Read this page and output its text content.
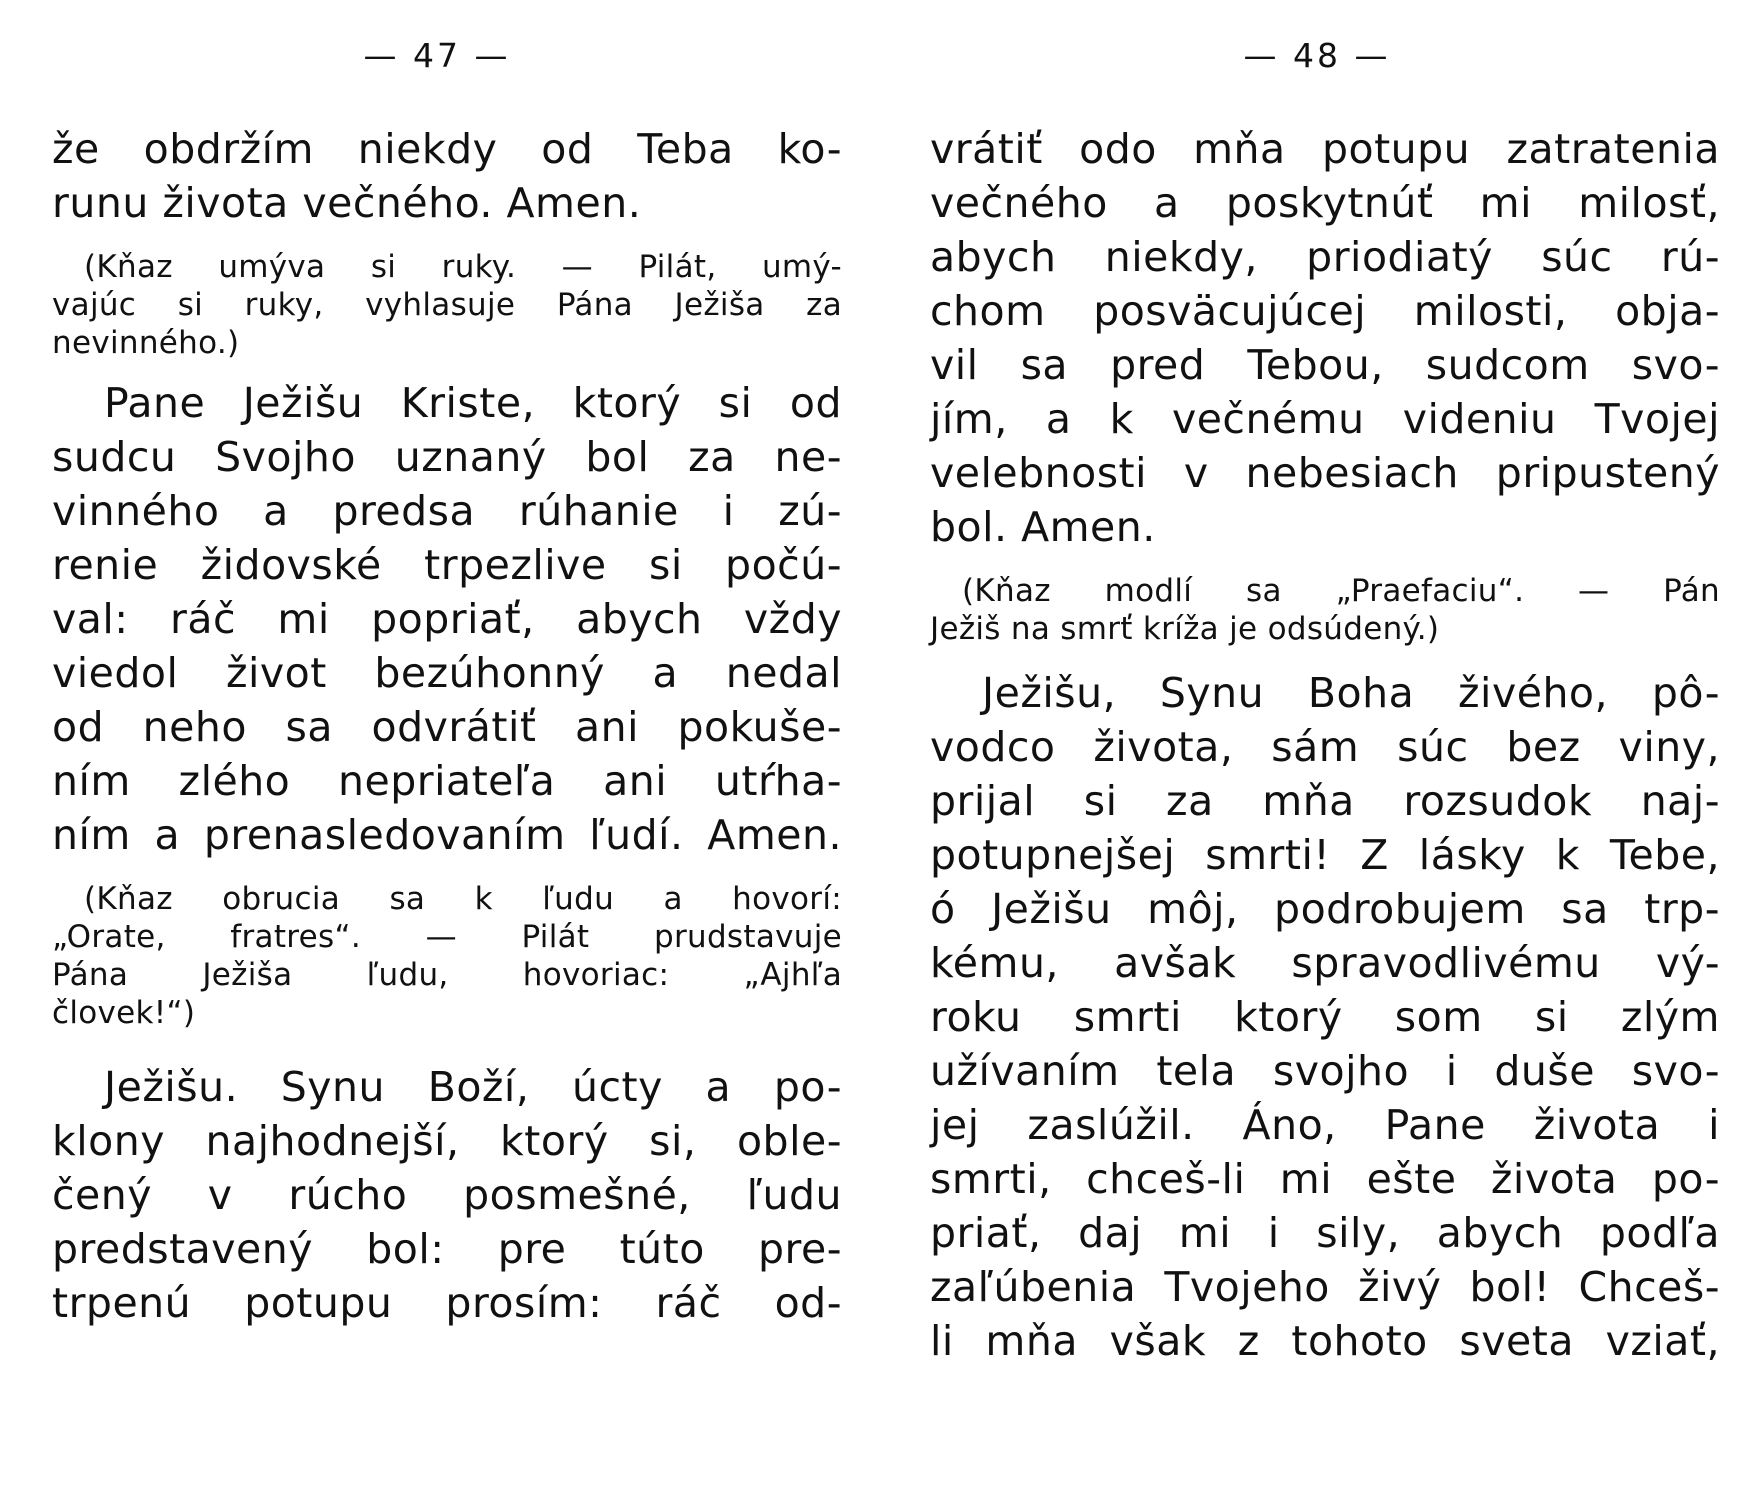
— 47 —
že obdržím niekdy od Teba ko-
runu života večného. Amen.
(Kňaz umýva si ruky. — Pilát, umý-
vajúc si ruky, vyhlasuje Pána Ježiša za
nevinného.)
Pane Ježišu Kriste, ktorý si od
sudcu Svojho uznaný bol za ne-
vinného a predsa rúhanie i zú-
renie židovské trpezlive si počú-
val: ráč mi popriať, abych vždy
viedol život bezúhonný a nedal
od neho sa odvrátiť ani pokuše-
ním zlého nepriateľa ani utŕha-
ním a prenasledovaním ľudí. Amen.
(Kňaz obrucia sa k ľudu a hovorí:
„Orate, fratres“. — Pilát prudstavuje
Pána Ježiša ľudu, hovoriac: „Ajhľa
človek!“)
Ježišu. Synu Boží, úcty a po-
klony najhodnejší, ktorý si, oble-
čený v rúcho posmešné, ľudu
predstavený bol: pre túto pre-
trpenú potupu prosím: ráč od-
— 48 —
vrátiť odo mňa potupu zatratenia
večného a poskytnúť mi milosť,
abych niekdy, priodiatý súc rú-
chom posväcujúcej milosti, obja-
vil sa pred Tebou, sudcom svo-
jím, a k večnému videniu Tvojej
velebnosti v nebesiach pripustený
bol. Amen.
(Kňaz modlí sa „Praefaciu“. — Pán
Ježiš na smrť kríža je odsúdený.)
Ježišu, Synu Boha živého, pô-
vodco života, sám súc bez viny,
prijal si za mňa rozsudok naj-
potupnejšej smrti! Z lásky k Tebe,
ó Ježišu môj, podrobujem sa trp-
kému, avšak spravodlivému vý-
roku smrti ktorý som si zlým
užívaním tela svojho i duše svo-
jej zaslúžil. Áno, Pane života i
smrti, chceš-li mi ešte života po-
priať, daj mi i sily, abych podľa
zaľúbenia Tvojeho živý bol! Chceš-
li mňa však z tohoto sveta vziať,
